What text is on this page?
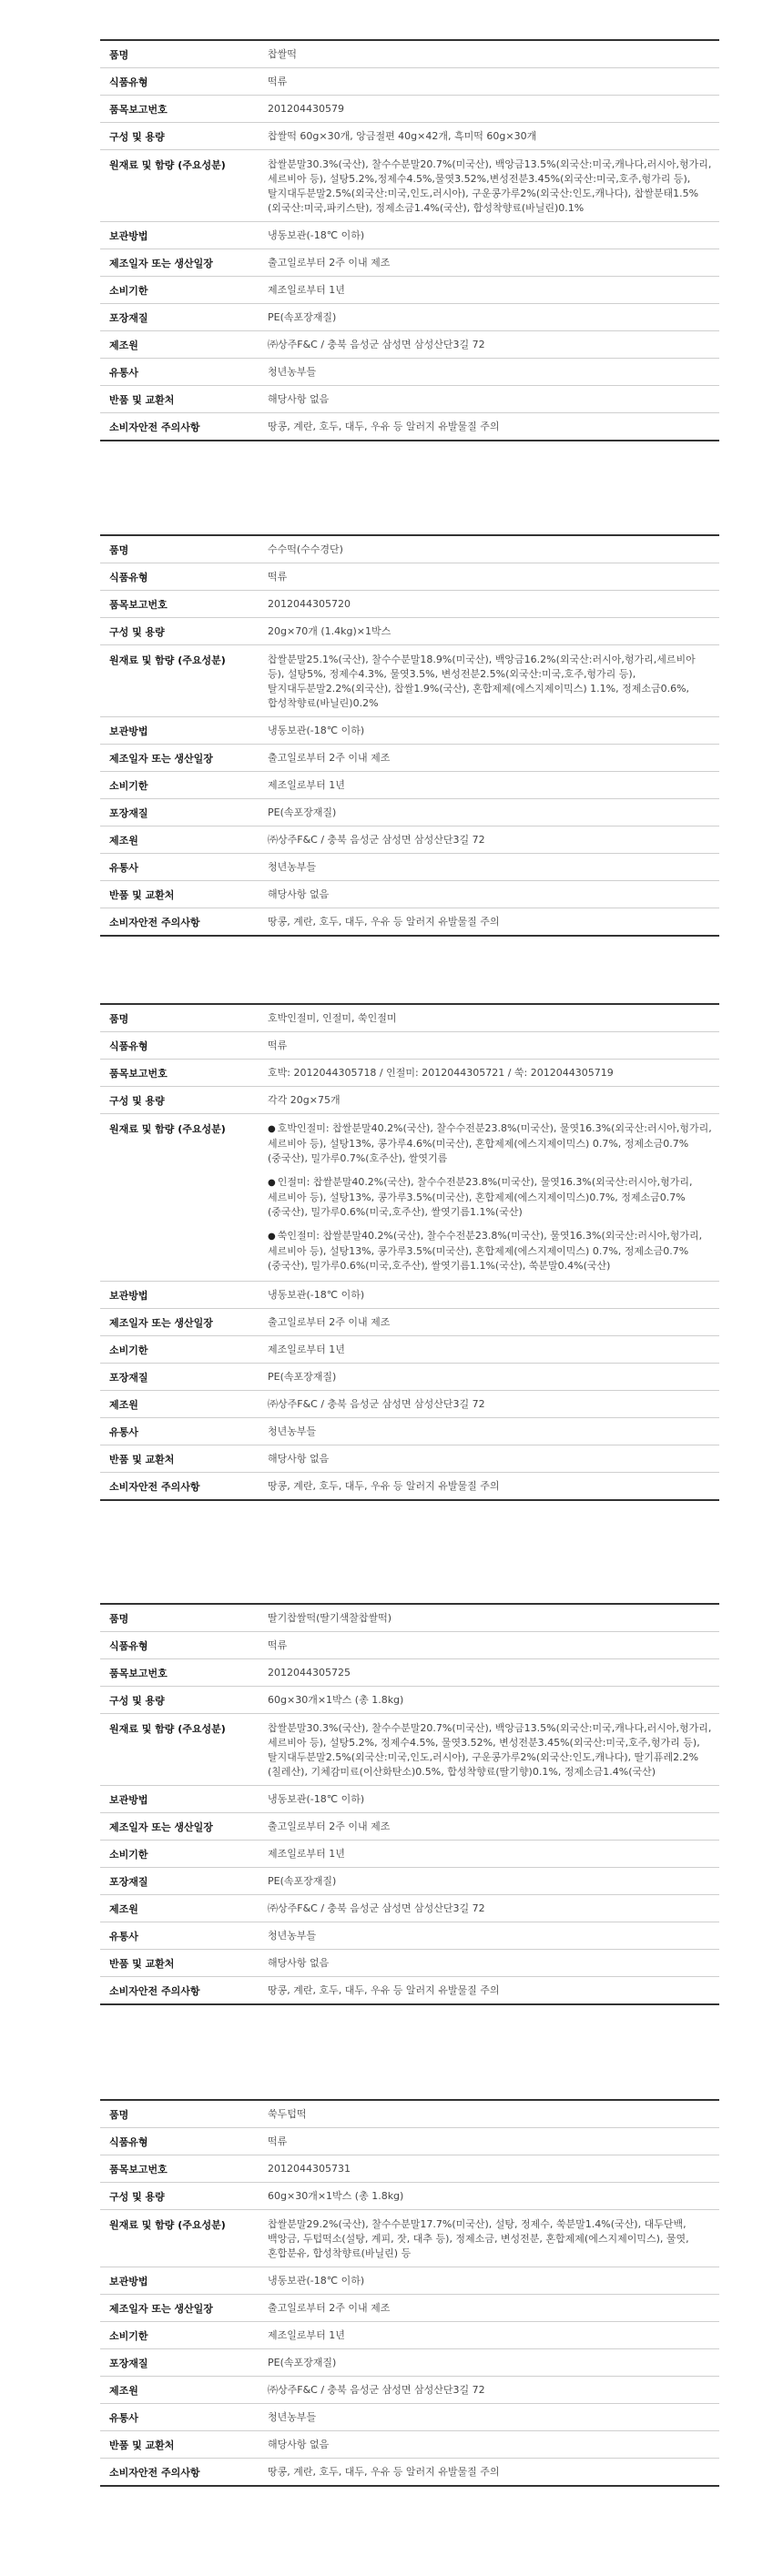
품명	찹쌀떡
식품유형	떡류
품목보고번호	201204430579
구성 및 용량	찹쌀떡 60g×30개, 앙금절편 40g×42개, 흑미떡 60g×30개
원재료 및 함량 (주요성분)	찹쌀분말30.3%(국산), 찰수수분말20.7%(미국산), 백앙금13.5%(외국산:미국,캐나다,러시아,헝가리,세르비아 등), 설탕5.2%,정제수4.5%,물엿3.52%,변성전분3.45%(외국산:미국,호주,헝가리 등), 탈지대두분말2.5%(외국산:미국,인도,러시아), 구운콩가루2%(외국산:인도,캐나다), 찹쌀분태1.5%(외국산:미국,파키스탄), 정제소금1.4%(국산), 합성착향료(바닐린)0.1%
보관방법	냉동보관(-18℃ 이하)
제조일자 또는 생산일장	출고일로부터 2주 이내 제조
소비기한	제조일로부터 1년
포장재질	PE(속포장재질)
제조원	㈜상주F&C / 충북 음성군 삼성면 삼성산단3길 72
유통사	청년농부들
반품 및 교환처	해당사항 없음
소비자안전 주의사항	땅콩, 계란, 호두, 대두, 우유 등 알러지 유발물질 주의
품명	수수떡(수수경단)
식품유형	떡류
품목보고번호	2012044305720
구성 및 용량	20g×70개 (1.4kg)×1박스
원재료 및 함량 (주요성분)	찹쌀분말25.1%(국산), 찰수수분말18.9%(미국산), 백앙금16.2%(외국산:러시아,헝가리,세르비아 등), 설탕5%, 정제수4.3%, 물엿3.5%, 변성전분2.5%(외국산:미국,호주,헝가리 등), 탈지대두분말2.2%(외국산), 찹쌀1.9%(국산), 혼합제제(에스지제이믹스) 1.1%, 정제소금0.6%, 합성착향료(바닐린)0.2%
보관방법	냉동보관(-18℃ 이하)
제조일자 또는 생산일장	출고일로부터 2주 이내 제조
소비기한	제조일로부터 1년
포장재질	PE(속포장재질)
제조원	㈜상주F&C / 충북 음성군 삼성면 삼성산단3길 72
유통사	청년농부들
반품 및 교환처	해당사항 없음
소비자안전 주의사항	땅콩, 계란, 호두, 대두, 우유 등 알러지 유발물질 주의
품명	호박인절미, 인절미, 쑥인절미
식품유형	떡류
품목보고번호	호박: 2012044305718 / 인절미: 2012044305721 / 쑥: 2012044305719
구성 및 용량	각각 20g×75개
원재료 및 함량 (주요성분)	● 호박인절미: 찹쌀분말40.2%(국산), 찰수수전분23.8%(미국산), 물엿16.3%(외국산:러시아,헝가리,세르비아 등), 설탕13%, 콩가루4.6%(미국산), 혼합제제(에스지제이믹스) 0.7%, 정제소금0.7%(중국산), 밀가루0.7%(호주산), 쌀엿기름

● 인절미: 찹쌀분말40.2%(국산), 찰수수전분23.8%(미국산), 물엿16.3%(외국산:러시아,헝가리,세르비아 등), 설탕13%, 콩가루3.5%(미국산), 혼합제제(에스지제이믹스)0.7%, 정제소금0.7%(중국산), 밀가루0.6%(미국,호주산), 쌀엿기름1.1%(국산)

● 쑥인절미: 찹쌀분말40.2%(국산), 찰수수전분23.8%(미국산), 물엿16.3%(외국산:러시아,헝가리,세르비아 등), 설탕13%, 콩가루3.5%(미국산), 혼합제제(에스지제이믹스) 0.7%, 정제소금0.7%(중국산), 밀가루0.6%(미국,호주산), 쌀엿기름1.1%(국산), 쑥분말0.4%(국산)

보관방법	냉동보관(-18℃ 이하)
제조일자 또는 생산일장	출고일로부터 2주 이내 제조
소비기한	제조일로부터 1년
포장재질	PE(속포장재질)
제조원	㈜상주F&C / 충북 음성군 삼성면 삼성산단3길 72
유통사	청년농부들
반품 및 교환처	해당사항 없음
소비자안전 주의사항	땅콩, 계란, 호두, 대두, 우유 등 알러지 유발물질 주의
품명	딸기찹쌀떡(딸기색찰찹쌀떡)
식품유형	떡류
품목보고번호	2012044305725
구성 및 용량	60g×30개×1박스 (총 1.8kg)
원재료 및 함량 (주요성분)	찹쌀분말30.3%(국산), 찰수수분말20.7%(미국산), 백앙금13.5%(외국산:미국,캐나다,러시아,헝가리,세르비아 등), 설탕5.2%, 정제수4.5%, 물엿3.52%, 변성전분3.45%(외국산:미국,호주,헝가리 등), 탈지대두분말2.5%(외국산:미국,인도,러시아), 구운콩가루2%(외국산:인도,캐나다), 딸기퓨레2.2%(칠레산), 기체감미료(이산화탄소)0.5%, 합성착향료(딸기향)0.1%, 정제소금1.4%(국산)
보관방법	냉동보관(-18℃ 이하)
제조일자 또는 생산일장	출고일로부터 2주 이내 제조
소비기한	제조일로부터 1년
포장재질	PE(속포장재질)
제조원	㈜상주F&C / 충북 음성군 삼성면 삼성산단3길 72
유통사	청년농부들
반품 및 교환처	해당사항 없음
소비자안전 주의사항	땅콩, 계란, 호두, 대두, 우유 등 알러지 유발물질 주의
품명	쑥두텁떡
식품유형	떡류
품목보고번호	2012044305731
구성 및 용량	60g×30개×1박스 (총 1.8kg)
원재료 및 함량 (주요성분)	찹쌀분말29.2%(국산), 찰수수분말17.7%(미국산), 설탕, 정제수, 쑥분말1.4%(국산), 대두단백, 백앙금, 두텁떡소(설탕, 계피, 잣, 대추 등), 정제소금, 변성전분, 혼합제제(에스지제이믹스), 물엿, 혼합분유, 합성착향료(바닐린) 등
보관방법	냉동보관(-18℃ 이하)
제조일자 또는 생산일장	출고일로부터 2주 이내 제조
소비기한	제조일로부터 1년
포장재질	PE(속포장재질)
제조원	㈜상주F&C / 충북 음성군 삼성면 삼성산단3길 72
유통사	청년농부들
반품 및 교환처	해당사항 없음
소비자안전 주의사항	땅콩, 계란, 호두, 대두, 우유 등 알러지 유발물질 주의
